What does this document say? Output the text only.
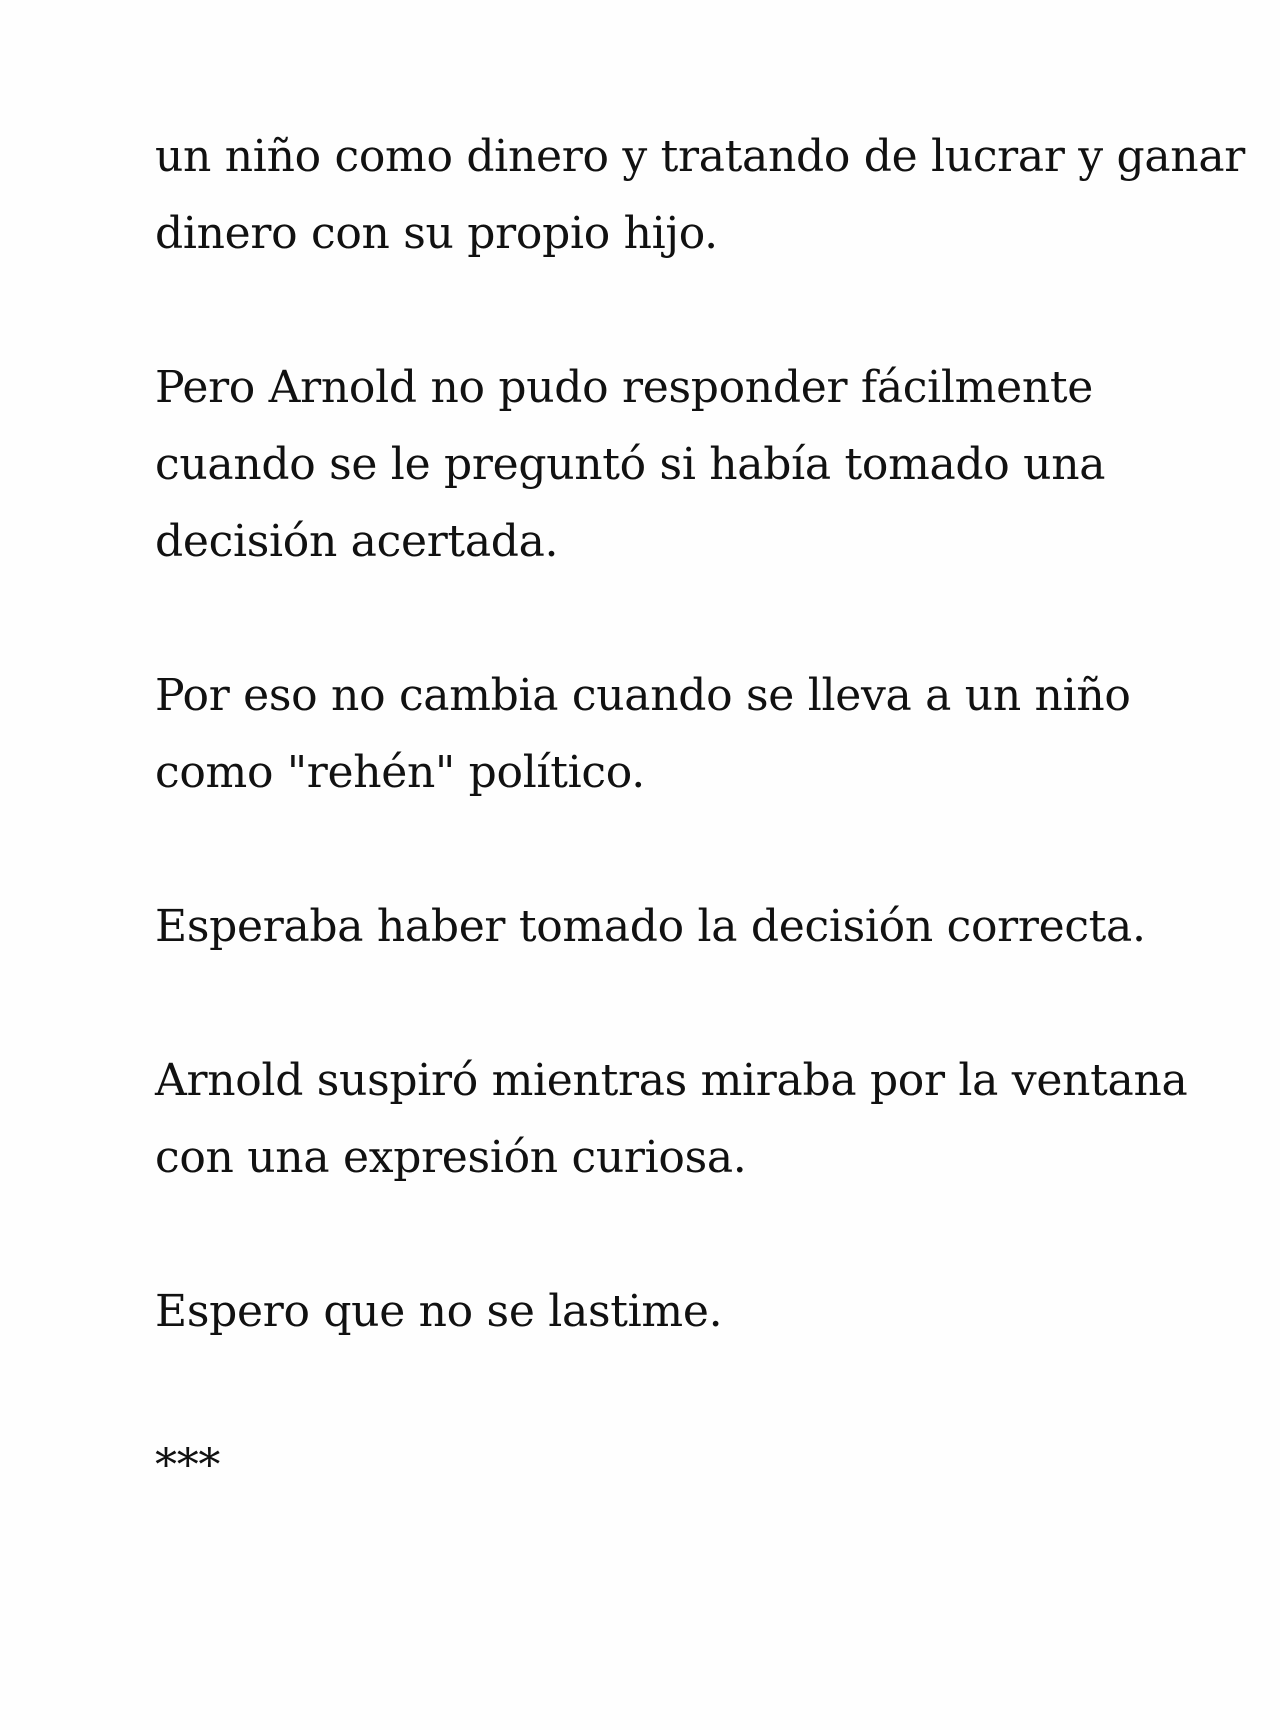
un niño como dinero y tratando de lucrar y ganar
dinero con su propio hijo.

Pero Arnold no pudo responder fácilmente
cuando se le preguntó si había tomado una
decisión acertada.

Por eso no cambia cuando se lleva a un niño
como "rehén" político.

Esperaba haber tomado la decisión correcta.

Arnold suspiró mientras miraba por la ventana
con una expresión curiosa.

Espero que no se lastime.

***
